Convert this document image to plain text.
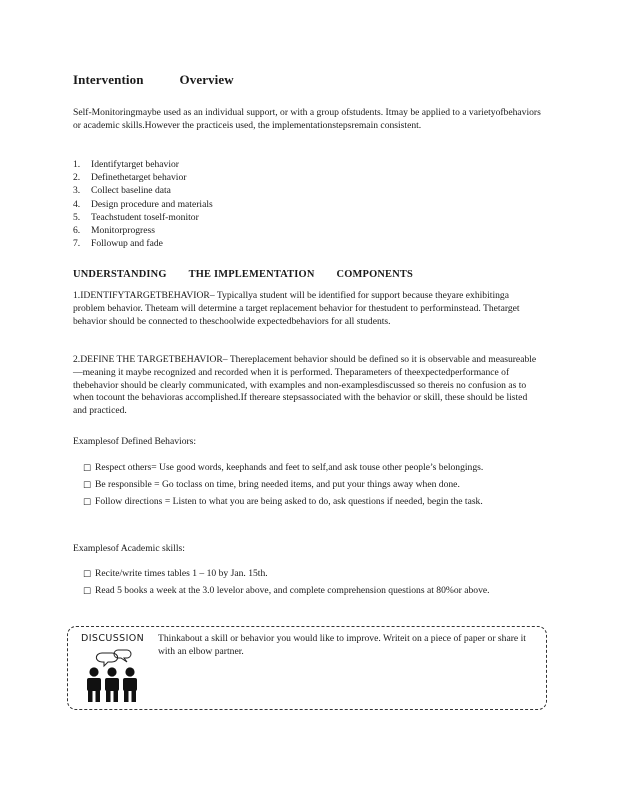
Intervention	Overview
Self-Monitoringmaybe used as an individual support, or with a group ofstudents. Itmay be applied to a varietyofbehaviors or academic skills.However the practiceis used, the implementationstepsremain consistent.
1.	Identifytarget behavior
2.	Definethetarget behavior
3.	Collect baseline data
4.	Design procedure and materials
5.	Teachstudent toself-monitor
6.	Monitorprogress
7.	Followup and fade
UNDERSTANDING THE IMPLEMENTATION COMPONENTS
1.IDENTIFYTARGETBEHAVIOR– Typicallya student will be identified for support because theyare exhibitinga problem behavior. Theteam will determine a target replacement behavior for thestudent to performinstead. Thetarget behavior should be connected to theschoolwide expectedbehaviors for all students.
2.DEFINE THE TARGETBEHAVIOR– Thereplacement behavior should be defined so it is observable and measureable—meaning it maybe recognized and recorded when it is performed. Theparameters of theexpectedperformance of thebehavior should be clearly communicated, with examples and non-examplesdiscussed so thereis no confusion as to when tocount the behavioras accomplished.If thereare stepsassociated with the behavior or skill, these should be listed and practiced.
Examplesof Defined Behaviors:
□ Respect others= Use good words, keephands and feet to self,and ask touse other people’s belongings.
□ Be responsible = Go toclass on time, bring needed items, and put your things away when done.
□ Follow directions = Listen to what you are being asked to do, ask questions if needed, begin the task.
Examplesof Academic skills:
□ Recite/write times tables 1 – 10 by Jan. 15th.
□ Read 5 books a week at the 3.0 levelor above, and complete comprehension questions at 80%or above.
DISCUSSION Thinkabout a skill or behavior you would like to improve. Writeit on a piece of paper or share it with an elbow partner.
